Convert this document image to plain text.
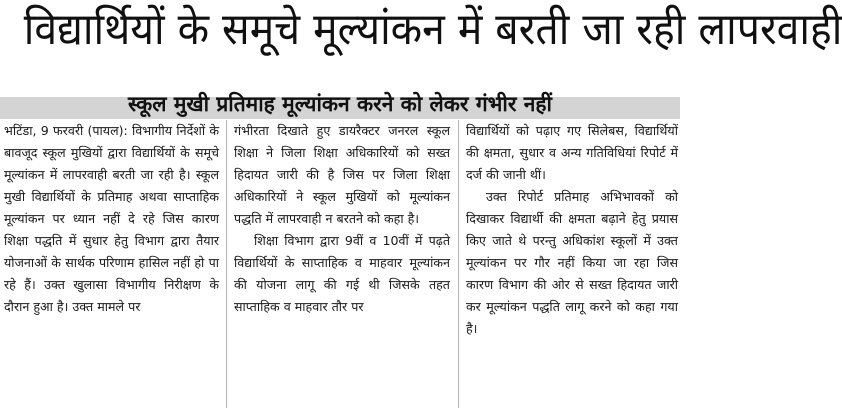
विद्यार्थियों के समूचे मूल्यांकन में बरती जा रही लापरवाही
स्कूल मुखी प्रतिमाह मूल्यांकन करने को लेकर गंभीर नहीं

भटिंडा, 9 फरवरी (पायल): विभागीय निर्देशों के बावजूद स्कूल मुखियों द्वारा विद्यार्थियों के समूचे मूल्यांकन में लापरवाही बरती जा रही है। स्कूल मुखी विद्यार्थियों के प्रतिमाह अथवा साप्ताहिक मूल्यांकन पर ध्यान नहीं दे रहे जिस कारण शिक्षा पद्धति में सुधार हेतु विभाग द्वारा तैयार योजनाओं के सार्थक परिणाम हासिल नहीं हो पा रहे हैं। उक्त खुलासा विभागीय निरीक्षण के दौरान हुआ है। उक्त मामले पर

गंभीरता दिखाते हुए डायरैक्टर जनरल स्कूल शिक्षा ने जिला शिक्षा अधिकारियों को सख्त हिदायत जारी की है जिस पर जिला शिक्षा अधिकारियों ने स्कूल मुखियों को मूल्यांकन पद्धति में लापरवाही न बरतने को कहा है।

शिक्षा विभाग द्वारा 9वीं व 10वीं में पढ़ते विद्यार्थियों के साप्ताहिक व माहवार मूल्यांकन की योजना लागू की गई थी जिसके तहत साप्ताहिक व माहवार तौर पर

विद्यार्थियों को पढ़ाए गए सिलेबस, विद्यार्थियों की क्षमता, सुधार व अन्य गतिविधियां रिपोर्ट में दर्ज की जानी थीं।

उक्त रिपोर्ट प्रतिमाह अभिभावकों को दिखाकर विद्यार्थी की क्षमता बढ़ाने हेतु प्रयास किए जाते थे परन्तु अधिकांश स्कूलों में उक्त मूल्यांकन पर गौर नहीं किया जा रहा जिस कारण विभाग की ओर से सख्त हिदायत जारी कर मूल्यांकन पद्धति लागू करने को कहा गया है।
